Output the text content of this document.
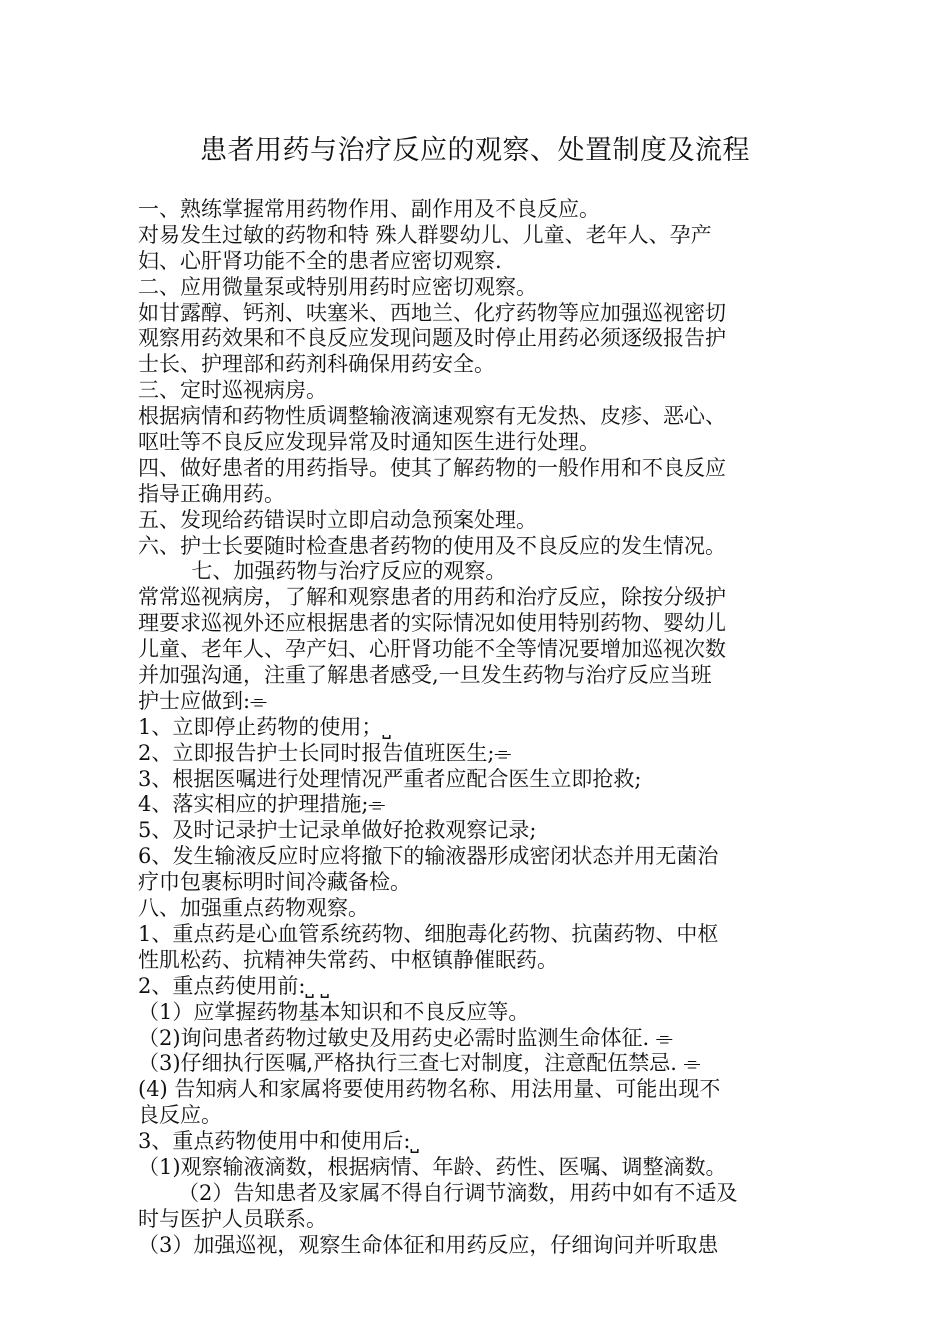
患者用药与治疗反应的观察、处置制度及流程
一、熟练掌握常用药物作用、副作用及不良反应。
对易发生过敏的药物和特 殊人群婴幼儿、儿童、老年人、孕产
妇、心肝肾功能不全的患者应密切观察.
二、应用微量泵或特别用药时应密切观察。
如甘露醇、钙剂、呋塞米、西地兰、化疗药物等应加强巡视密切
观察用药效果和不良反应发现问题及时停止用药必须逐级报告护
士长、护理部和药剂科确保用药安全。
三、定时巡视病房。
根据病情和药物性质调整输液滴速观察有无发热、皮疹、恶心、
呕吐等不良反应发现异常及时通知医生进行处理。
四、做好患者的用药指导。使其了解药物的一般作用和不良反应
指导正确用药。
五、发现给药错误时立即启动急预案处理。
六、护士长要随时检查患者药物的使用及不良反应的发生情况。
七、加强药物与治疗反应的观察。
常常巡视病房，了解和观察患者的用药和治疗反应，除按分级护
理要求巡视外还应根据患者的实际情况如使用特别药物、婴幼儿
儿童、老年人、孕产妇、心肝肾功能不全等情况要增加巡视次数
并加强沟通，注重了解患者感受,一旦发生药物与治疗反应当班
护士应做到:⌯
1、立即停止药物的使用；⎵
2、立即报告护士长同时报告值班医生;⌯
3、根据医嘱进行处理情况严重者应配合医生立即抢救;
4、落实相应的护理措施;⌯
5、及时记录护士记录单做好抢救观察记录;
6、发生输液反应时应将撤下的输液器形成密闭状态并用无菌治
疗巾包裹标明时间冷藏备检。
八、加强重点药物观察。
1、重点药是心血管系统药物、细胞毒化药物、抗菌药物、中枢
性肌松药、抗精神失常药、中枢镇静催眠药。
2、重点药使用前:⎵ ⎵
（1）应掌握药物基本知识和不良反应等。
（2)询问患者药物过敏史及用药史必需时监测生命体征. ⌯
（3)仔细执行医嘱,严格执行三查七对制度，注意配伍禁忌. ⌯
(4) 告知病人和家属将要使用药物名称、用法用量、可能出现不
良反应。
3、重点药物使用中和使用后:⎵
（1)观察输液滴数，根据病情、年龄、药性、医嘱、调整滴数。
（2）告知患者及家属不得自行调节滴数，用药中如有不适及
时与医护人员联系。
（3）加强巡视，观察生命体征和用药反应，仔细询问并听取患
